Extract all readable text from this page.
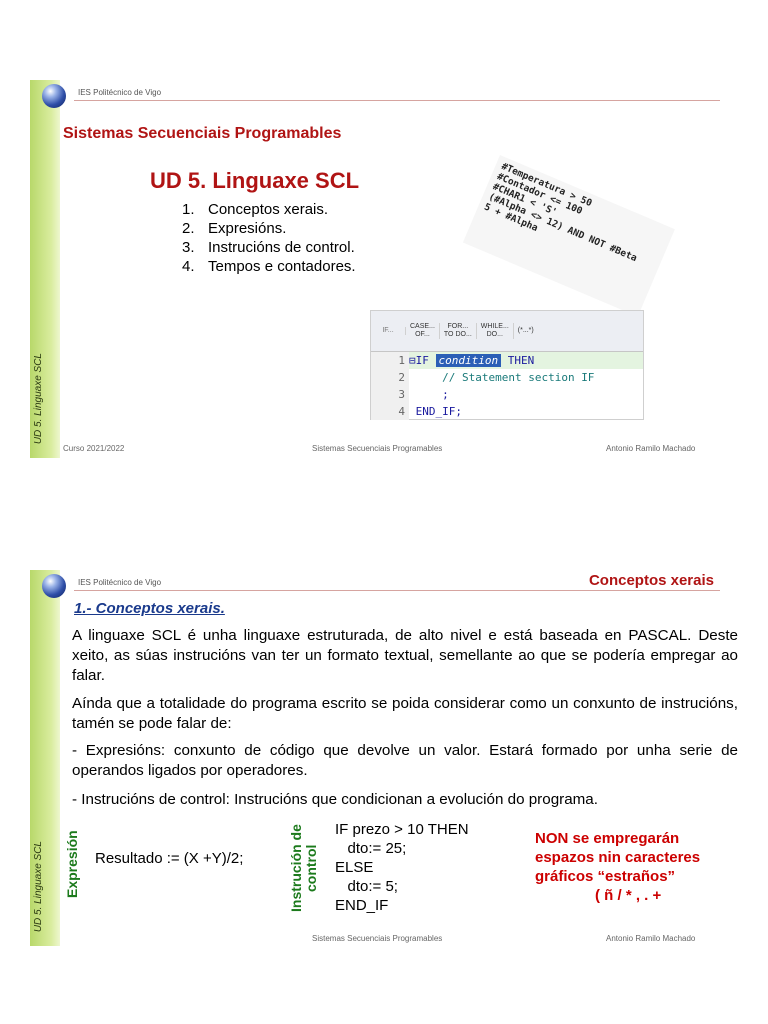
UD 5. Linguaxe SCL
IES Politécnico de Vigo
Sistemas Secuenciais Programables
UD 5. Linguaxe SCL
1. Conceptos xerais.
2. Expresións.
3. Instrucións de control.
4. Tempos e contadores.
#Temperatura > 50
#Contador <= 100
#CHAR1 < 'S'
(#Alpha <> 12) AND NOT #Beta
5 + #Alpha
IF...
CASE...
OF...
FOR...
TO DO...
WHILE...
DO...
(*...*)
1 ⊟IF condition THEN
2     // Statement section IF
3     ;
4 END_IF;
Curso 2021/2022	Sistemas Secuenciais Programables	Antonio Ramilo Machado
UD 5. Linguaxe SCL
IES Politécnico de Vigo	Conceptos xerais
1.- Conceptos xerais.

A linguaxe SCL é unha linguaxe estruturada, de alto nivel e está baseada en PASCAL. Deste xeito, as súas instrucións van ter un formato textual, semellante ao que se podería empregar ao falar.

Aínda que a totalidade do programa escrito se poida considerar como un conxunto de instrucións, tamén se pode falar de:

- Expresións: conxunto de código que devolve un valor. Estará formado por unha serie de operandos ligados por operadores.

- Instrucións de control: Instrucións que condicionan a evolución do programa.

Expresión Resultado := (X +Y)/2;	Instrución de
control
IF prezo > 10 THEN
dto:= 25;
ELSE
dto:= 5;
END_IF
NON se empregarán
espazos nin caracteres
gráficos “estraños”
( ñ / * , . +
Sistemas Secuenciais Programables	Antonio Ramilo Machado
